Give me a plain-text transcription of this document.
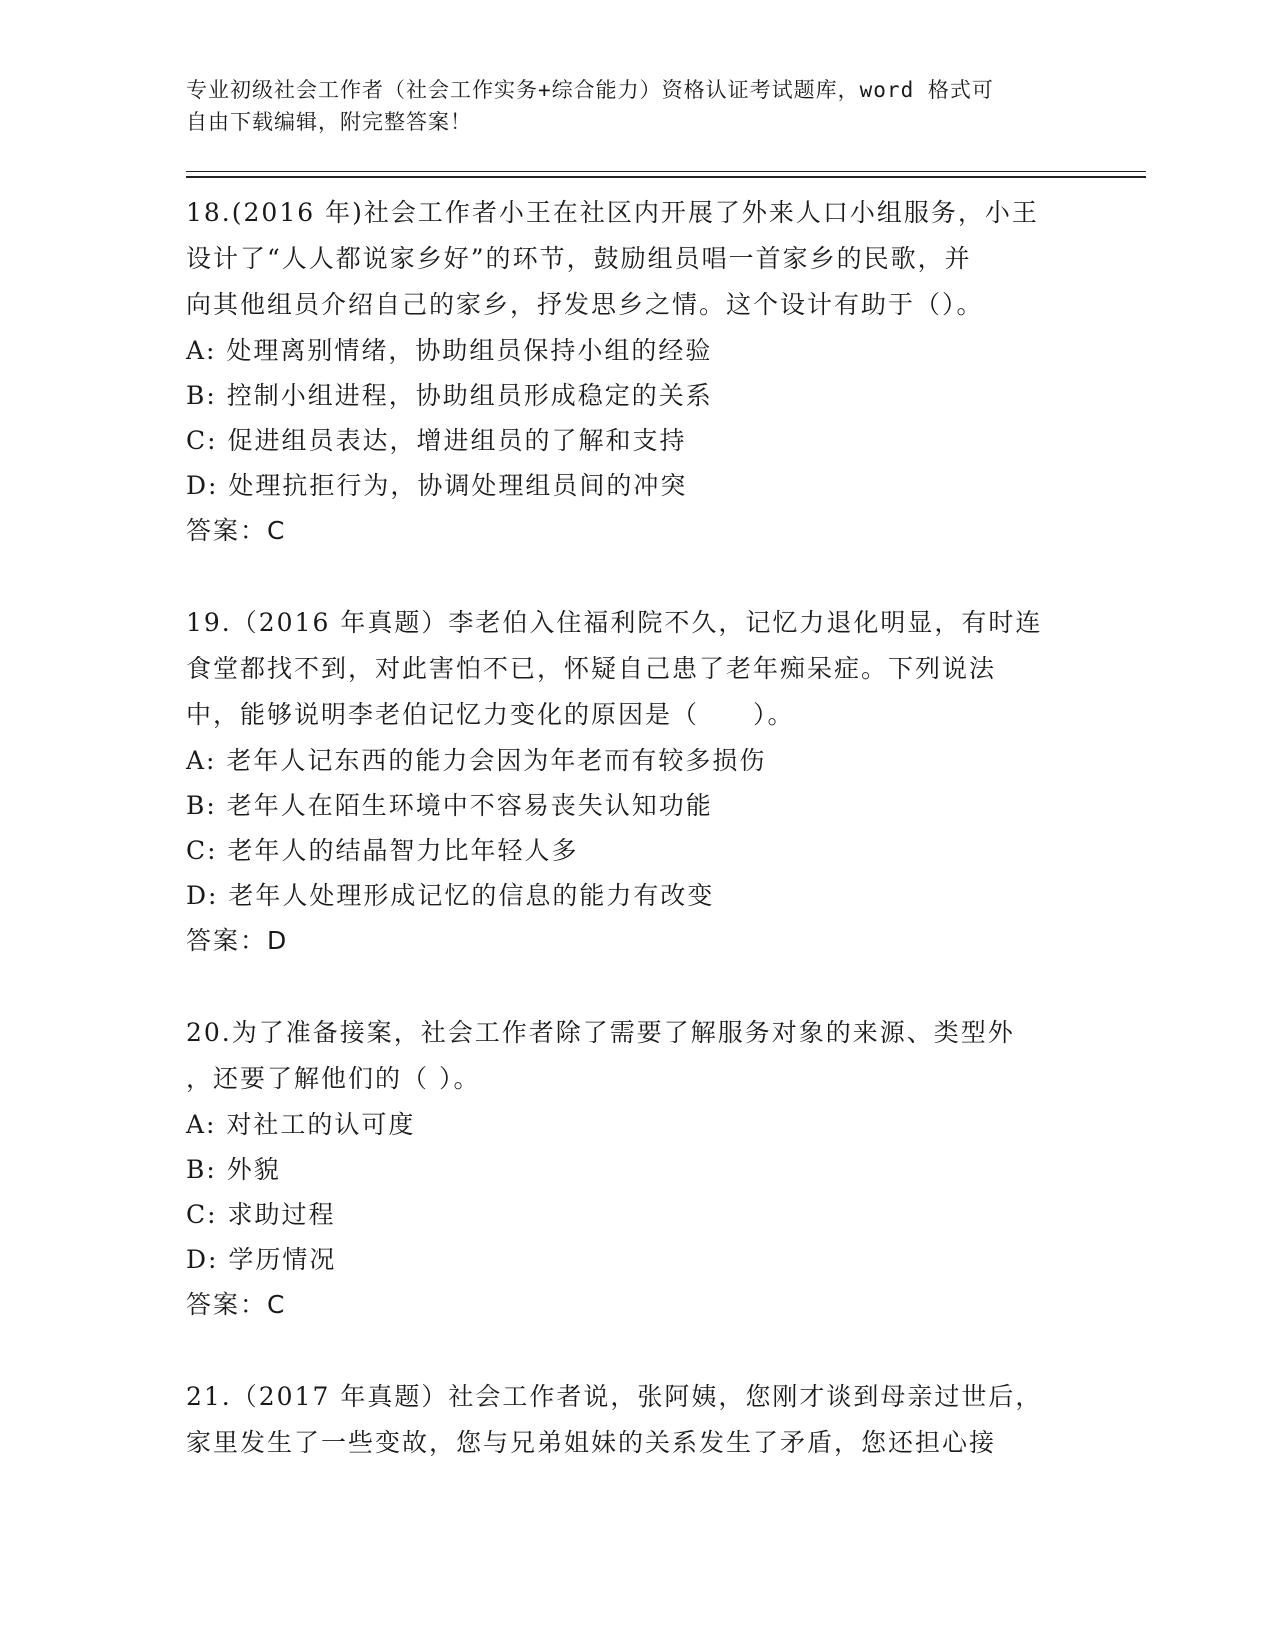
专业初级社会工作者（社会工作实务+综合能力）资格认证考试题库，word 格式可
自由下载编辑，附完整答案！
18.(2016 年)社会工作者小王在社区内开展了外来人口小组服务，小王
设计了“人人都说家乡好”的环节，鼓励组员唱一首家乡的民歌，并
向其他组员介绍自己的家乡，抒发思乡之情。这个设计有助于（）。
A: 处理离别情绪，协助组员保持小组的经验
B: 控制小组进程，协助组员形成稳定的关系
C: 促进组员表达，增进组员的了解和支持
D: 处理抗拒行为，协调处理组员间的冲突
答案：C
19.（2016 年真题）李老伯入住福利院不久，记忆力退化明显，有时连
食堂都找不到，对此害怕不已，怀疑自己患了老年痴呆症。下列说法
中，能够说明李老伯记忆力变化的原因是（　　）。
A: 老年人记东西的能力会因为年老而有较多损伤
B: 老年人在陌生环境中不容易丧失认知功能
C: 老年人的结晶智力比年轻人多
D: 老年人处理形成记忆的信息的能力有改变
答案：D
20.为了准备接案，社会工作者除了需要了解服务对象的来源、类型外
，还要了解他们的（ ）。
A: 对社工的认可度
B: 外貌
C: 求助过程
D: 学历情况
答案：C
21.（2017 年真题）社会工作者说，张阿姨，您刚才谈到母亲过世后，
家里发生了一些变故，您与兄弟姐妹的关系发生了矛盾，您还担心接
